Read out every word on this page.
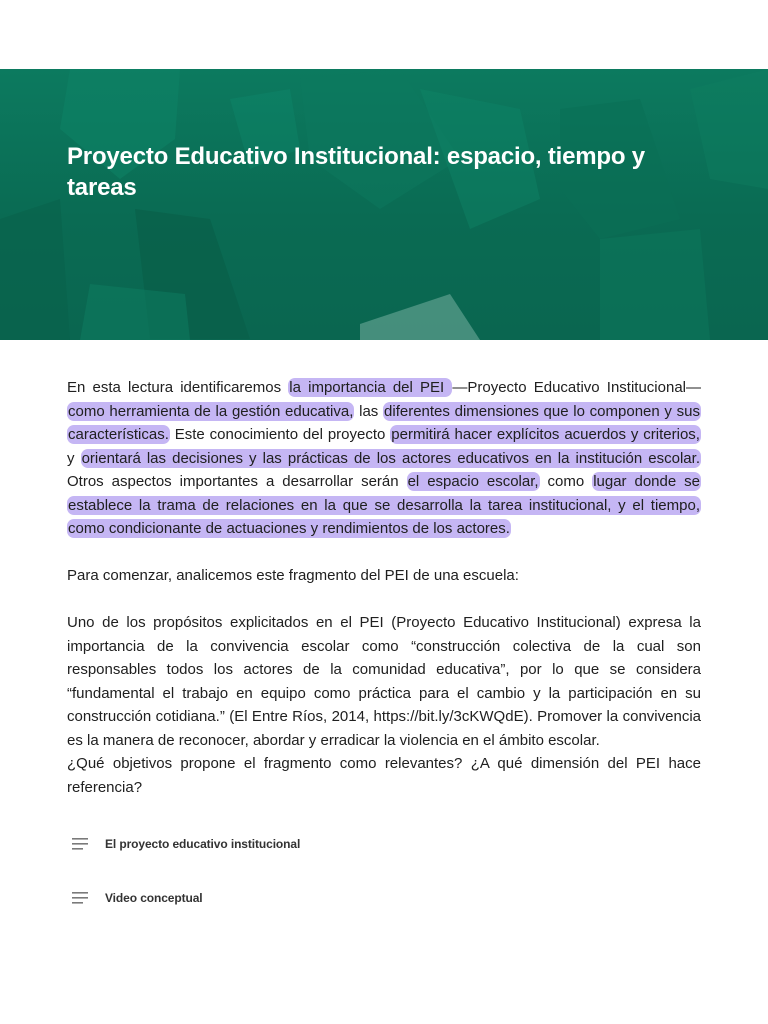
Proyecto Educativo Institucional: espacio, tiempo y tareas

En esta lectura identificaremos la importancia del PEI —Proyecto Educativo Institucional— como herramienta de la gestión educativa, las diferentes dimensiones que lo componen y sus características. Este conocimiento del proyecto permitirá hacer explícitos acuerdos y criterios, y orientará las decisiones y las prácticas de los actores educativos en la institución escolar. Otros aspectos importantes a desarrollar serán el espacio escolar, como lugar donde se establece la trama de relaciones en la que se desarrolla la tarea institucional, y el tiempo, como condicionante de actuaciones y rendimientos de los actores.

Para comenzar, analicemos este fragmento del PEI de una escuela:

Uno de los propósitos explicitados en el PEI (Proyecto Educativo Institucional) expresa la importancia de la convivencia escolar como “construcción colectiva de la cual son responsables todos los actores de la comunidad educativa”, por lo que se considera “fundamental el trabajo en equipo como práctica para el cambio y la participación en su construcción cotidiana.” (El Entre Ríos, 2014, https://bit.ly/3cKWQdE). Promover la convivencia es la manera de reconocer, abordar y erradicar la violencia en el ámbito escolar.

¿Qué objetivos propone el fragmento como relevantes? ¿A qué dimensión del PEI hace referencia?

El proyecto educativo institucional
Video conceptual
